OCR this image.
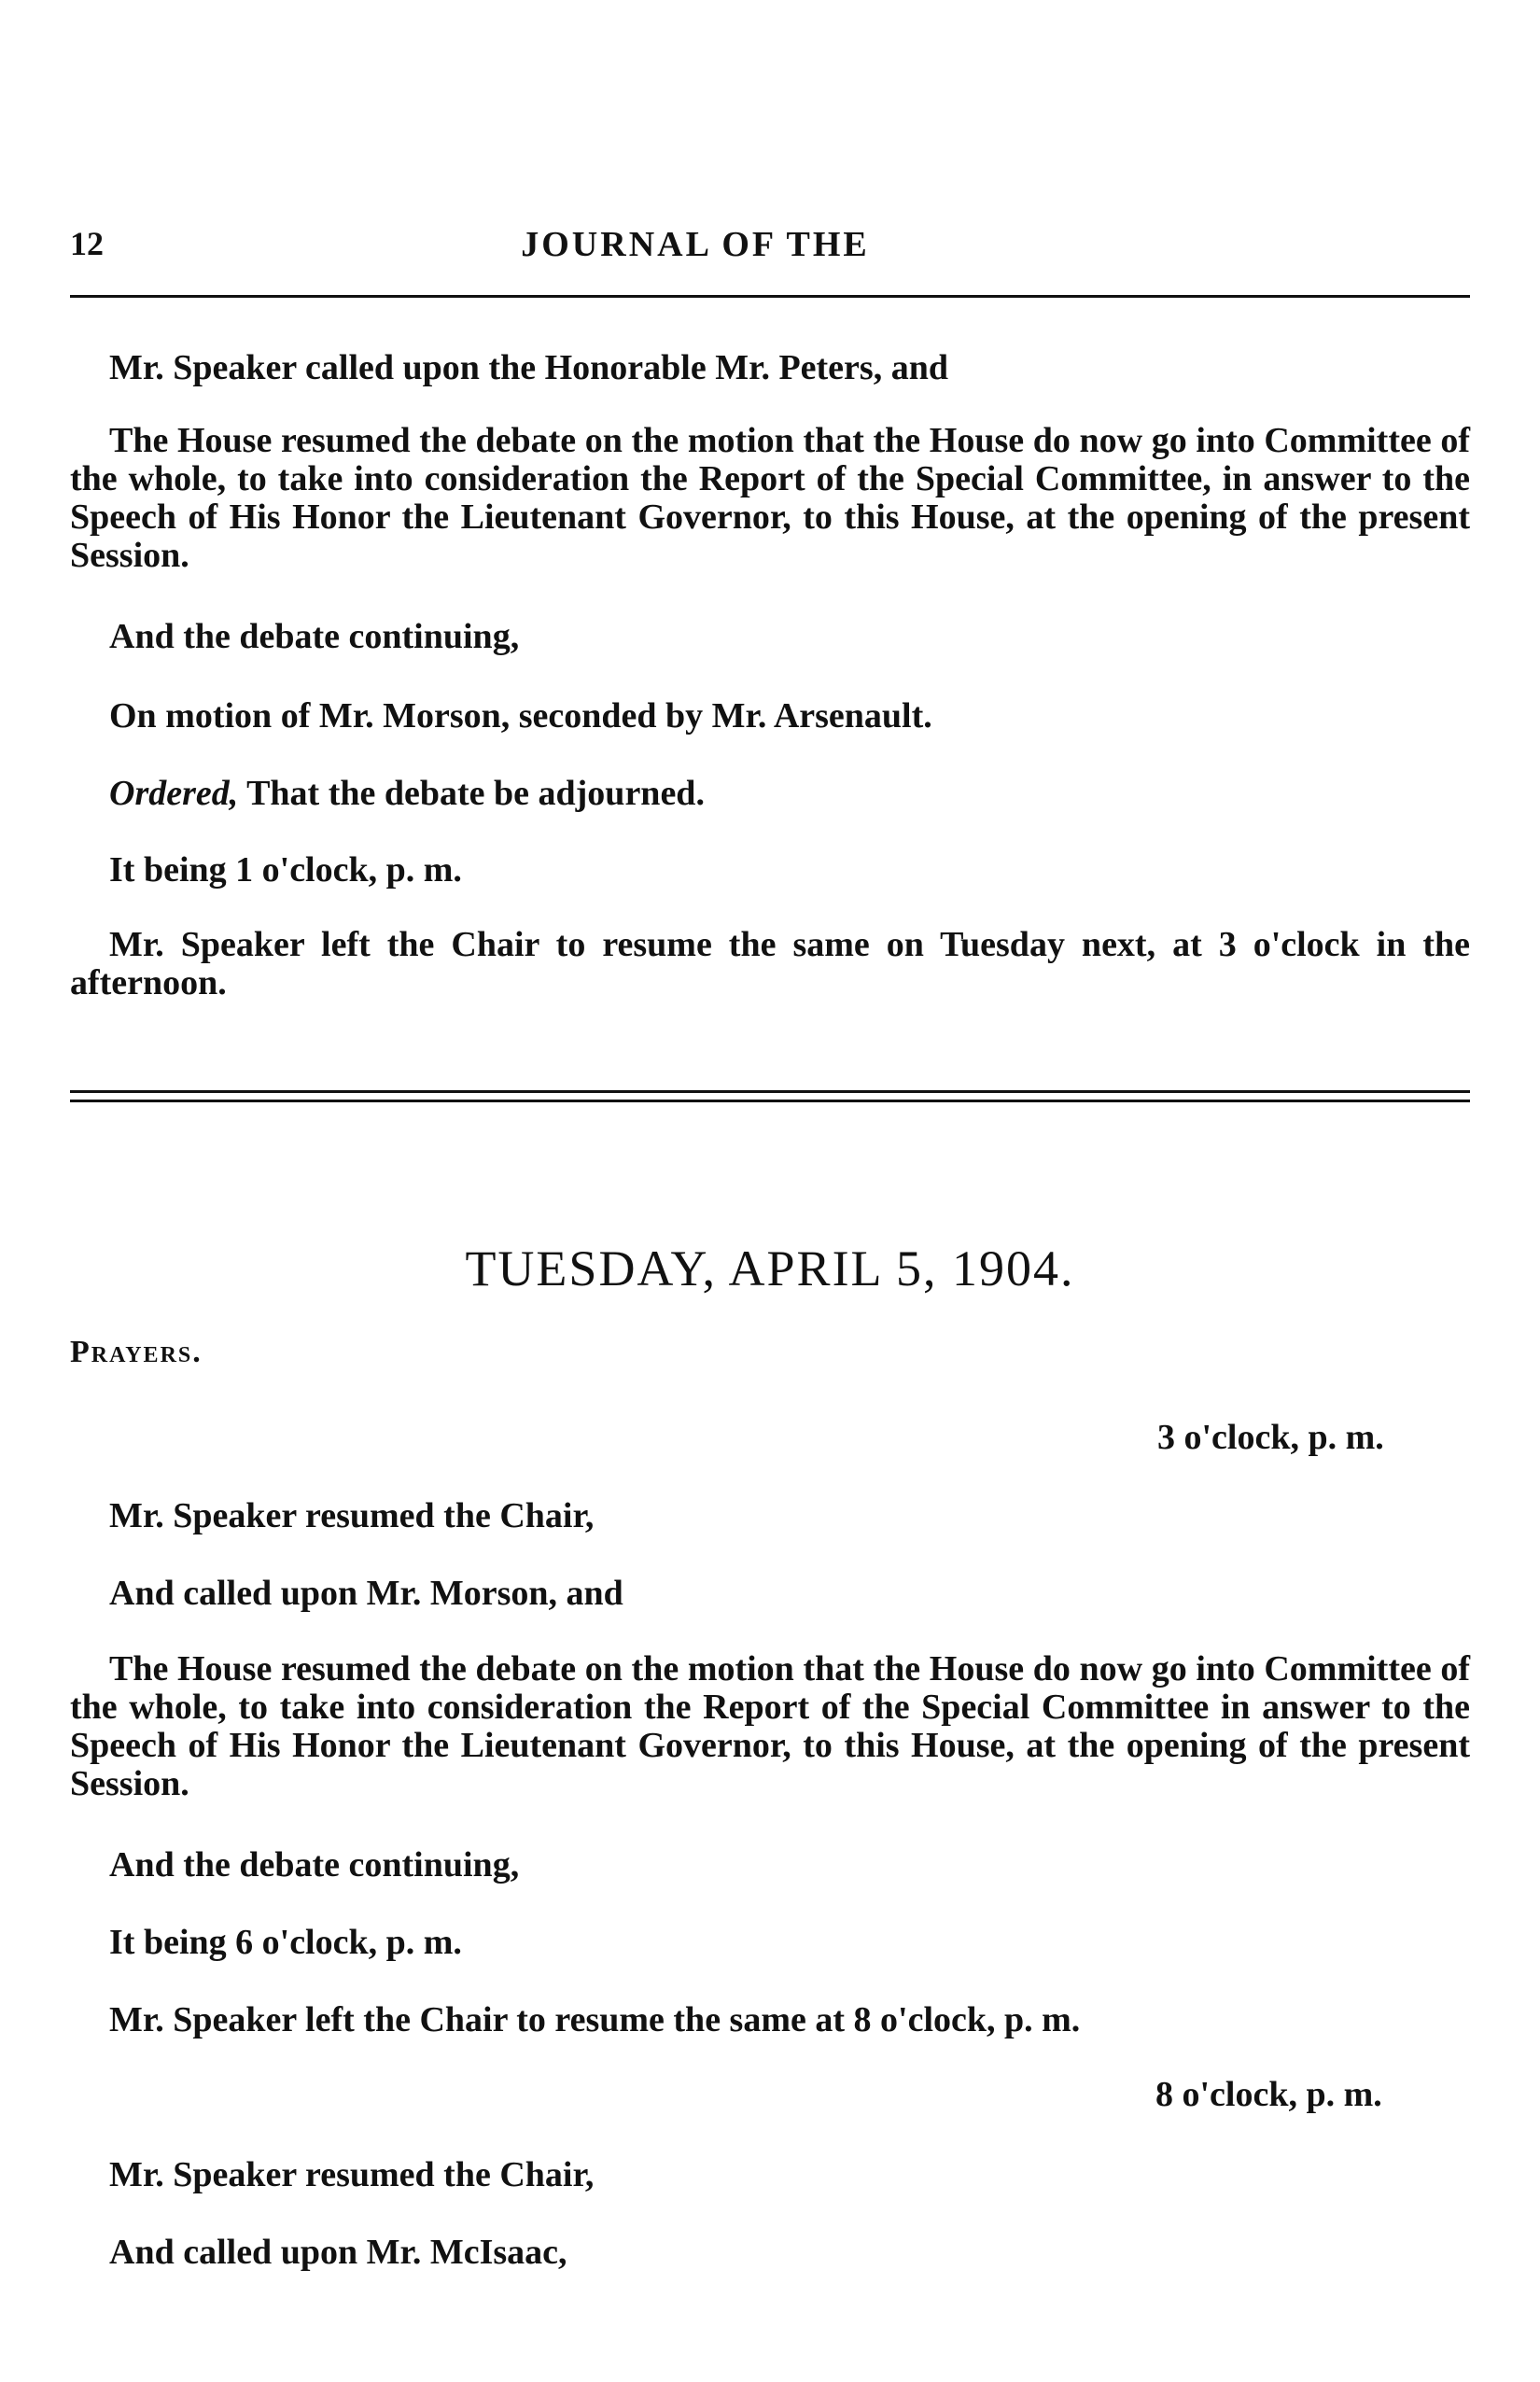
12	JOURNAL OF THE
Mr. Speaker called upon the Honorable Mr. Peters, and
The House resumed the debate on the motion that the House do now go into Committee of the whole, to take into consideration the Report of the Special Committee, in answer to the Speech of His Honor the Lieutenant Governor, to this House, at the opening of the present Session.
And the debate continuing,
On motion of Mr. Morson, seconded by Mr. Arsenault.
Ordered, That the debate be adjourned.
It being 1 o'clock, p. m.
Mr. Speaker left the Chair to resume the same on Tuesday next, at 3 o'clock in the afternoon.
TUESDAY, APRIL 5, 1904.
Prayers.
3 o'clock, p. m.
Mr. Speaker resumed the Chair,
And called upon Mr. Morson, and
The House resumed the debate on the motion that the House do now go into Committee of the whole, to take into consideration the Report of the Special Committee in answer to the Speech of His Honor the Lieutenant Governor, to this House, at the opening of the present Session.
And the debate continuing,
It being 6 o'clock, p. m.
Mr. Speaker left the Chair to resume the same at 8 o'clock, p. m.
8 o'clock, p. m.
Mr. Speaker resumed the Chair,
And called upon Mr. McIsaac,
